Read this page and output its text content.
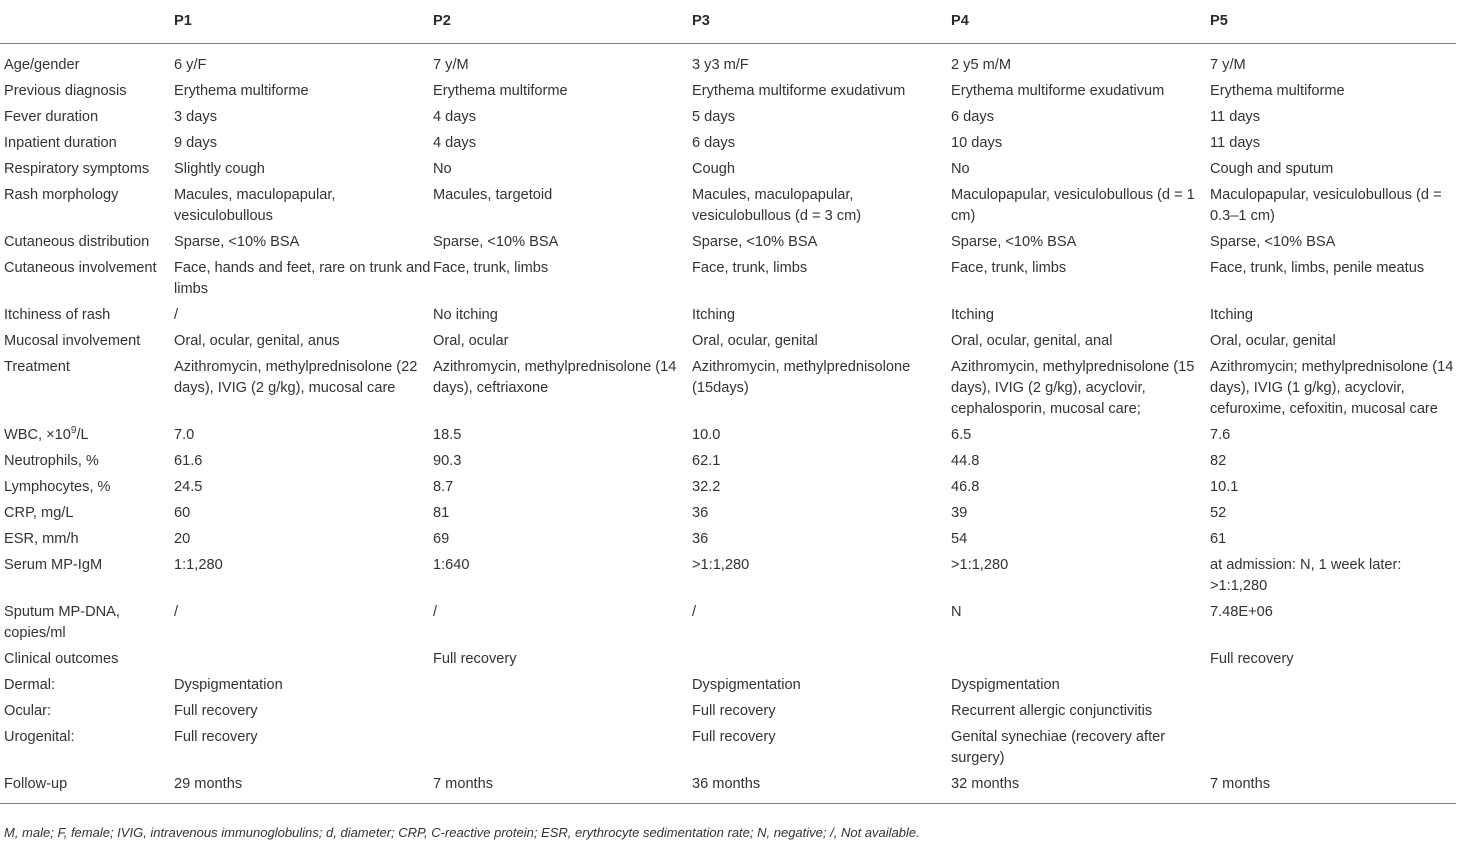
	P1	P2	P3	P4	P5
Age/gender	6 y/F	7 y/M	3 y3 m/F	2 y5 m/M	7 y/M
Previous diagnosis	Erythema multiforme	Erythema multiforme	Erythema multiforme exudativum	Erythema multiforme exudativum	Erythema multiforme
Fever duration	3 days	4 days	5 days	6 days	11 days
Inpatient duration	9 days	4 days	6 days	10 days	11 days
Respiratory symptoms	Slightly cough	No	Cough	No	Cough and sputum
Rash morphology	Macules, maculopapular, vesiculobullous	Macules, targetoid	Macules, maculopapular, vesiculobullous (d = 3 cm)	Maculopapular, vesiculobullous (d = 1 cm)	Maculopapular, vesiculobullous (d = 0.3–1 cm)
Cutaneous distribution	Sparse, <10% BSA	Sparse, <10% BSA	Sparse, <10% BSA	Sparse, <10% BSA	Sparse, <10% BSA
Cutaneous involvement	Face, hands and feet, rare on trunk and limbs	Face, trunk, limbs	Face, trunk, limbs	Face, trunk, limbs	Face, trunk, limbs, penile meatus
Itchiness of rash	/	No itching	Itching	Itching	Itching
Mucosal involvement	Oral, ocular, genital, anus	Oral, ocular	Oral, ocular, genital	Oral, ocular, genital, anal	Oral, ocular, genital
Treatment	Azithromycin, methylprednisolone (22 days), IVIG (2 g/kg), mucosal care	Azithromycin, methylprednisolone (14 days), ceftriaxone	Azithromycin, methylprednisolone (15days)	Azithromycin, methylprednisolone (15 days), IVIG (2 g/kg), acyclovir, cephalosporin, mucosal care;	Azithromycin; methylprednisolone (14 days), IVIG (1 g/kg), acyclovir, cefuroxime, cefoxitin, mucosal care
WBC, $\times 10^9/L$	7.0	18.5	10.0	6.5	7.6
Neutrophils, %	61.6	90.3	62.1	44.8	82
Lymphocytes, %	24.5	8.7	32.2	46.8	10.1
CRP, mg/L	60	81	36	39	52
ESR, mm/h	20	69	36	54	61
Serum MP-IgM	1:1,280	1:640	>1:1,280	>1:1,280	at admission: N, 1 week later: >1:1,280
Sputum MP-DNA, copies/ml	/	/	/	N	7.48E+06
Clinical outcomes		Full recovery			Full recovery
Dermal:	Dyspigmentation		Dyspigmentation	Dyspigmentation	
Ocular:	Full recovery		Full recovery	Recurrent allergic conjunctivitis	
Urogenital:	Full recovery		Full recovery	Genital synechiae (recovery after surgery)	
Follow-up	29 months	7 months	36 months	32 months	7 months
M, male; F, female; IVIG, intravenous immunoglobulins; d, diameter; CRP, C-reactive protein; ESR, erythrocyte sedimentation rate; N, negative; /, Not available.
